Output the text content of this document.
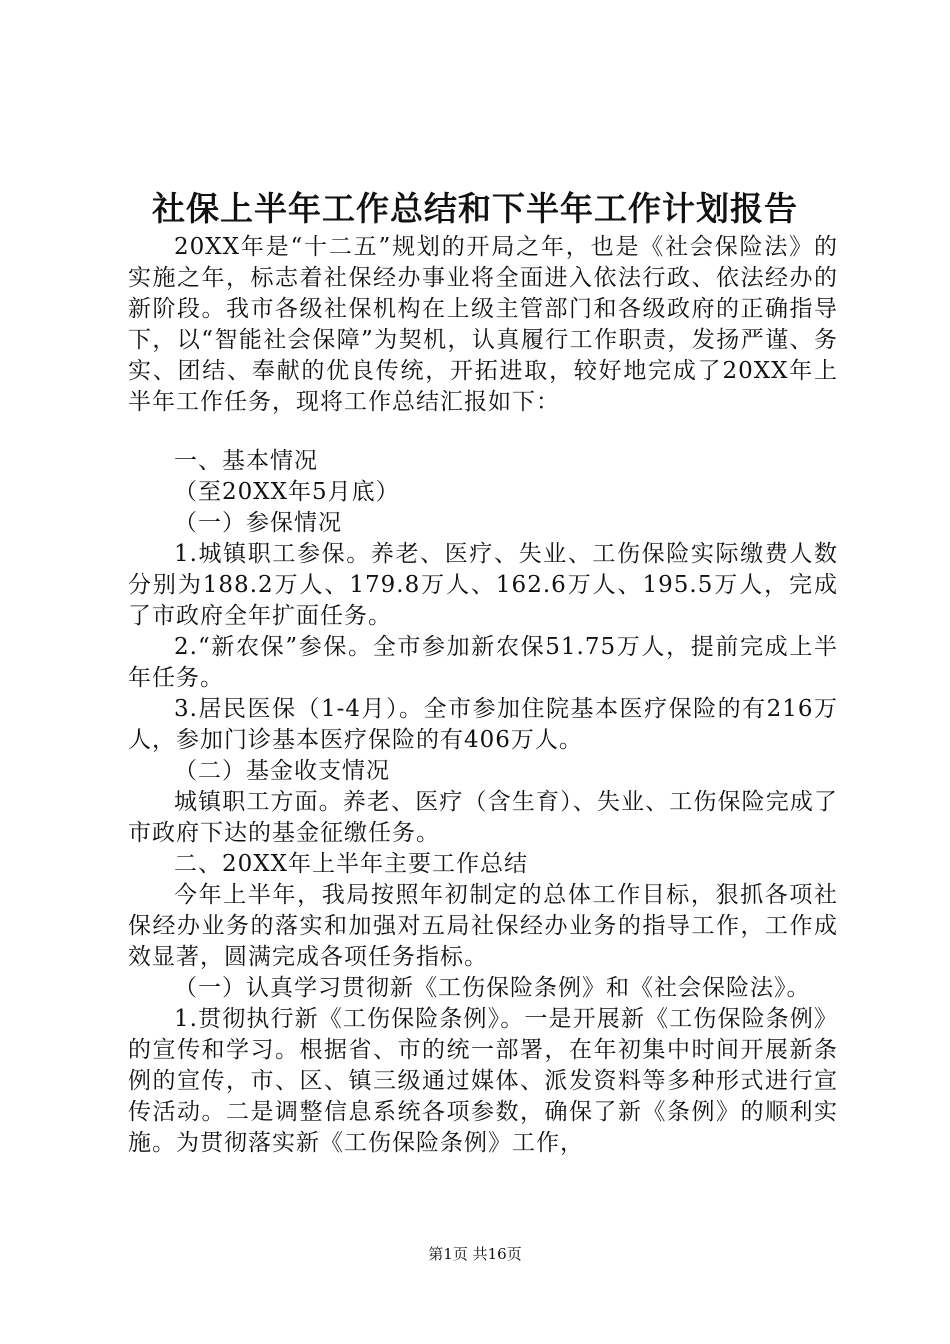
社保上半年工作总结和下半年工作计划报告

20XX年是“十二五”规划的开局之年，也是《社会保险法》的实施之年，标志着社保经办事业将全面进入依法行政、依法经办的新阶段。我市各级社保机构在上级主管部门和各级政府的正确指导下，以“智能社会保障”为契机，认真履行工作职责，发扬严谨、务实、团结、奉献的优良传统，开拓进取，较好地完成了20XX年上半年工作任务，现将工作总结汇报如下：

一、基本情况

（至20XX年5月底）

（一）参保情况

1.城镇职工参保。养老、医疗、失业、工伤保险实际缴费人数分别为188.2万人、179.8万人、162.6万人、195.5万人，完成了市政府全年扩面任务。

2.“新农保”参保。全市参加新农保51.75万人，提前完成上半年任务。

3.居民医保（1-4月）。全市参加住院基本医疗保险的有216万人，参加门诊基本医疗保险的有406万人。

（二）基金收支情况

城镇职工方面。养老、医疗（含生育）、失业、工伤保险完成了市政府下达的基金征缴任务。

二、20XX年上半年主要工作总结

今年上半年，我局按照年初制定的总体工作目标，狠抓各项社保经办业务的落实和加强对五局社保经办业务的指导工作，工作成效显著，圆满完成各项任务指标。

（一）认真学习贯彻新《工伤保险条例》和《社会保险法》。

1.贯彻执行新《工伤保险条例》。一是开展新《工伤保险条例》的宣传和学习。根据省、市的统一部署，在年初集中时间开展新条例的宣传，市、区、镇三级通过媒体、派发资料等多种形式进行宣传活动。二是调整信息系统各项参数，确保了新《条例》的顺利实施。为贯彻落实新《工伤保险条例》工作，

第1页 共16页
